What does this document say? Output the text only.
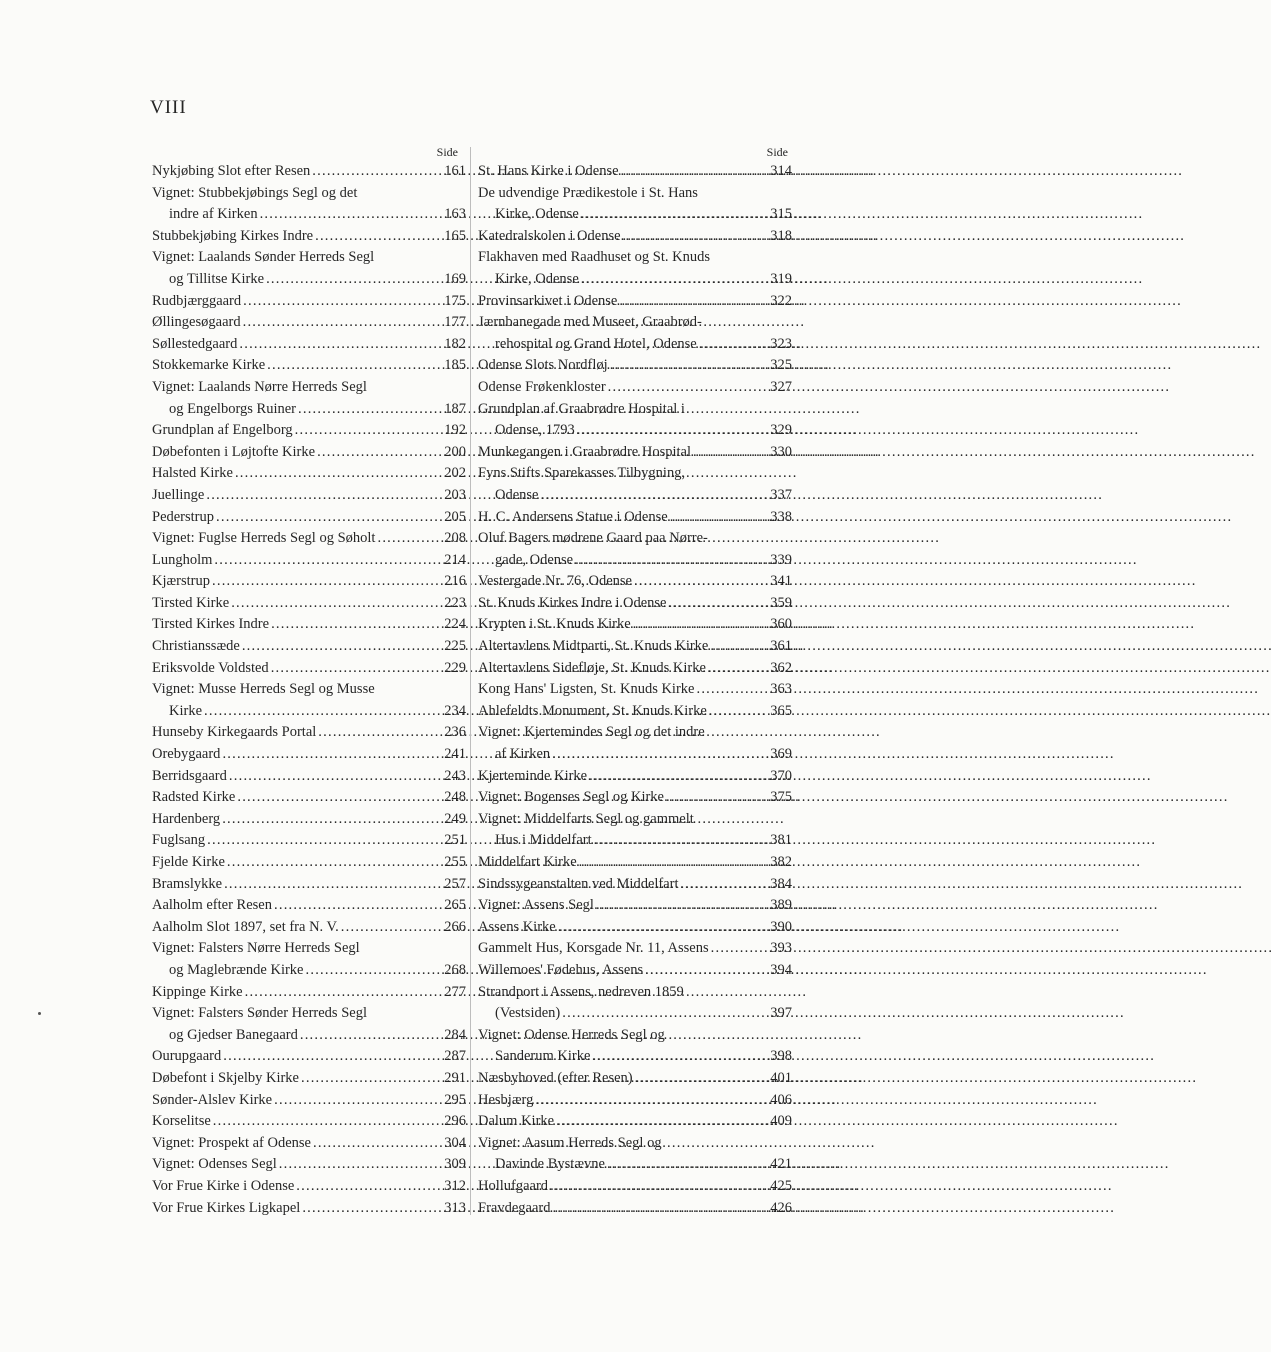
VIII
Side
Nykjøbing Slot efter Resen . . .	161
Vignet: Stubbekjøbings Segl og det
indre af Kirken . . .	163
Stubbekjøbing Kirkes Indre . . .	165
Vignet: Laalands Sønder Herreds Segl
og Tillitse Kirke . . .	169
Rudbjærggaard . . .	175
Øllingesøgaard . . .	177
Søllestedgaard . . .	182
Stokkemarke Kirke . . .	185
Vignet: Laalands Nørre Herreds Segl
og Engelborgs Ruiner . . .	187
Grundplan af Engelborg . . .	192
Døbefonten i Løjtofte Kirke . . .	200
Halsted Kirke . . .	202
Juellinge . . .	203
Pederstrup . . .	205
Vignet: Fuglse Herreds Segl og Søholt . . .	208
Lungholm . . .	214
Kjærstrup . . .	216
Tirsted Kirke . . .	223
Tirsted Kirkes Indre . . .	224
Christianssæde . . .	225
Eriksvolde Voldsted . . .	229
Vignet: Musse Herreds Segl og Musse
Kirke . . .	234
Hunseby Kirkegaards Portal . . .	236
Orebygaard . . .	241
Berridsgaard . . .	243
Radsted Kirke . . .	248
Hardenberg . . .	249
Fuglsang . . .	251
Fjelde Kirke . . .	255
Bramslykke . . .	257
Aalholm efter Resen . . .	265
Aalholm Slot 1897, set fra N. V. . . .	266
Vignet: Falsters Nørre Herreds Segl
og Maglebrænde Kirke . . .	268
Kippinge Kirke . . .	277
Vignet: Falsters Sønder Herreds Segl
og Gjedser Banegaard . . .	284
Ourupgaard . . .	287
Døbefont i Skjelby Kirke . . .	291
Sønder-Alslev Kirke . . .	295
Korselitse . . .	296
Vignet: Prospekt af Odense . . .	304
Vignet: Odenses Segl . . .	309
Vor Frue Kirke i Odense . . .	312
Vor Frue Kirkes Ligkapel . . .	313
Side
St. Hans Kirke i Odense . . .	314
De udvendige Prædikestole i St. Hans
Kirke, Odense . . .	315
Katedralskolen i Odense . . .	318
Flakhaven med Raadhuset og St. Knuds
Kirke, Odense . . .	319
Provinsarkivet i Odense . . .	322
Jærnbanegade med Museet, Graabrød-
rehospital og Grand Hotel, Odense . . .	323
Odense Slots Nordfløj . . .	325
Odense Frøkenkloster . . .	327
Grundplan af Graabrødre Hospital i
Odense, 1793 . . .	329
Munkegangen i Graabrødre Hospital . . .	330
Fyns Stifts Sparekasses Tilbygning,
Odense . . .	337
H. C. Andersens Statue i Odense . . .	338
Oluf Bagers mødrene Gaard paa Nørre-
gade, Odense . . .	339
Vestergade Nr. 76, Odense . . .	341
St. Knuds Kirkes Indre i Odense . . .	359
Krypten i St. Knuds Kirke . . .	360
Altertavlens Midtparti, St. Knuds Kirke . . .	361
Altertavlens Sidefløje, St. Knuds Kirke . . .	362
Kong Hans' Ligsten, St. Knuds Kirke . . .	363
Ahlefeldts Monument, St. Knuds Kirke . . .	365
Vignet: Kjertemindes Segl og det indre
af Kirken . . .	369
Kjerteminde Kirke . . .	370
Vignet: Bogenses Segl og Kirke . . .	375
Vignet: Middelfarts Segl og gammelt
Hus i Middelfart . . .	381
Middelfart Kirke . . .	382
Sindssygeanstalten ved Middelfart . . .	384
Vignet: Assens Segl . . .	389
Assens Kirke . . .	390
Gammelt Hus, Korsgade Nr. 11, Assens . . .	393
Willemoes' Fødehus, Assens . . .	394
Strandport i Assens, nedreven 1859
(Vestsiden) . . .	397
Vignet: Odense Herreds Segl og
Sanderum Kirke . . .	398
Næsbyhoved (efter Resen) . . .	401
Hesbjærg . . .	406
Dalum Kirke . . .	409
Vignet: Aasum Herreds Segl og
Davinde Bystævne . . .	421
Hollufgaard . . .	425
Fravdegaard . . .	426
